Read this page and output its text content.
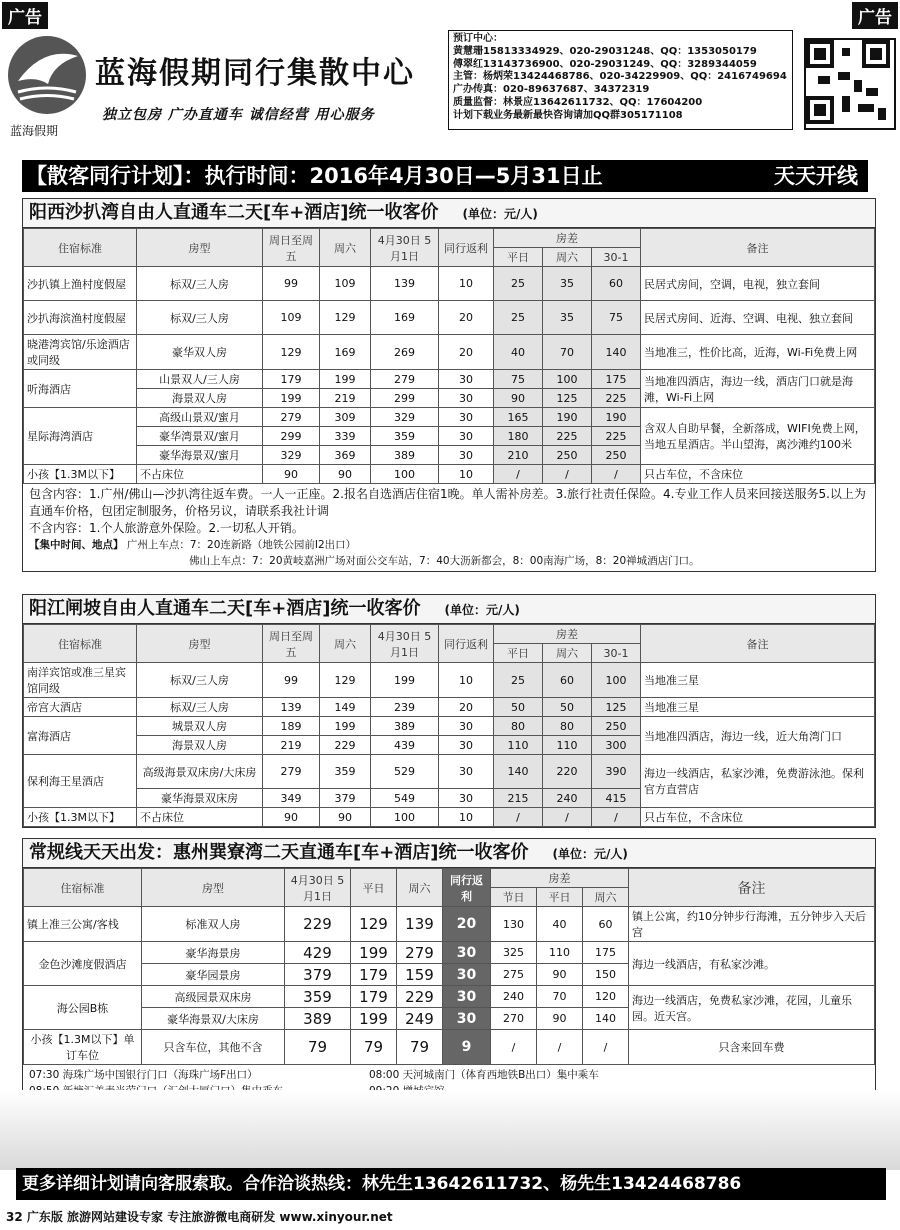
广告	广告
蓝海假期
蓝海假期同行集散中心
独立包房 广办直通车 诚信经营 用心服务
预订中心：
黄慧珊15813334929、020-29031248、QQ：1353050179
傅翠红13143736900、020-29031249、QQ：3289344059
主管：杨炳荣13424468786、020-34229909、QQ：2416749694
广办传真：020-89637687、34372319
质量监督：林景应13642611732、QQ：17604200
计划下载业务最新最快咨询请加QQ群305171108
【散客同行计划】：执行时间：2016年4月30日—5月31日止	天天开线
阳西沙扒湾自由人直通车二天[车+酒店]统一收客价 (单位：元/人)
住宿标准	房型	周日至周五	周六	4月30日 5月1日	同行返利	房差			备注
						平日	周六	30-1	
沙扒镇上渔村度假屋	标双/三人房	99	109	139	10	25	35	60	民居式房间，空调，电视，独立套间
沙扒海滨渔村度假屋	标双/三人房	109	129	169	20	25	35	75	民居式房间、近海、空调、电视、独立套间
晓港湾宾馆/乐途酒店或同级	豪华双人房	129	169	269	20	40	70	140	当地准三，性价比高，近海，Wi-Fi免费上网
听海酒店	山景双人/三人房	179	199	279	30	75	100	175	当地准四酒店，海边一线，酒店门口就是海滩，Wi-Fi上网
	海景双人房	199	219	299	30	90	125	225	
星际海湾酒店	高级山景双/蜜月	279	309	329	30	165	190	190	含双人自助早餐，全新落成，WIFI免费上网，当地五星酒店。半山望海，离沙滩约100米
	豪华湾景双/蜜月	299	339	359	30	180	225	225	
	豪华海景双/蜜月	329	369	389	30	210	250	250	
小孩【1.3M以下】	不占床位	90	90	100	10	/	/	/	只占车位，不含床位
包含内容：1.广州/佛山—沙扒湾往返车费。一人一正座。2.报名自选酒店住宿1晚。单人需补房差。3.旅行社责任保险。4.专业工作人员来回接送服务5.以上为直通车价格，包团定制服务，价格另议，请联系我社计调
不含内容：1.个人旅游意外保险。2.一切私人开销。
【集中时间、地点】 广州上车点：7：20连新路（地铁公园前I2出口）
佛山上车点：7：20黄岐嘉洲广场对面公交车站，7：40大沥新都会，8：00南海广场，8：20禅城酒店门口。
阳江闸坡自由人直通车二天[车+酒店]统一收客价 (单位：元/人)
住宿标准	房型	周日至周五	周六	4月30日 5月1日	同行返利	房差			备注
						平日	周六	30-1	
南洋宾馆或准三星宾馆同级	标双/三人房	99	129	199	10	25	60	100	当地准三星
帝宫大酒店	标双/三人房	139	149	239	20	50	50	125	当地准三星
富海酒店	城景双人房	189	199	389	30	80	80	250	当地准四酒店，海边一线，近大角湾门口
	海景双人房	219	229	439	30	110	110	300	
保利海王星酒店	高级海景双床房/大床房	279	359	529	30	140	220	390	海边一线酒店，私家沙滩，免费游泳池。保利官方直营店
	豪华海景双床房	349	379	549	30	215	240	415	
小孩【1.3M以下】	不占床位	90	90	100	10	/	/	/	只占车位，不含床位
常规线天天出发：惠州巽寮湾二天直通车[车+酒店]统一收客价 (单位：元/人)
住宿标准	房型	4月30日 5月1日	平日	周六	同行返利	房差			备注
						节日	平日	周六	
镇上准三公寓/客栈	标准双人房	229	129	139	20	130	40	60	镇上公寓，约10分钟步行海滩，五分钟步入天后宫
金色沙滩度假酒店	豪华海景房	429	199	279	30	325	110	175	海边一线酒店，有私家沙滩。
	豪华园景房	379	179	159	30	275	90	150	
海公园B栋	高级园景双床房	359	179	229	30	240	70	120	海边一线酒店，免费私家沙滩，花园，儿童乐园。近天宫。
	豪华海景双/大床房	389	199	249	30	270	90	140	
小孩【1.3M以下】单订车位	只含车位，其他不含	79	79	79	9	/	/	/	只含来回车费
07:30 海珠广场中国银行门口（海珠广场F出口）	08:00 天河城南门（体育西地铁B出口）集中乘车
更多详细计划请向客服索取。合作洽谈热线：林先生13642611732、杨先生13424468786
32 广东版 旅游网站建设专家 专注旅游微电商研发 www.xinyour.net
